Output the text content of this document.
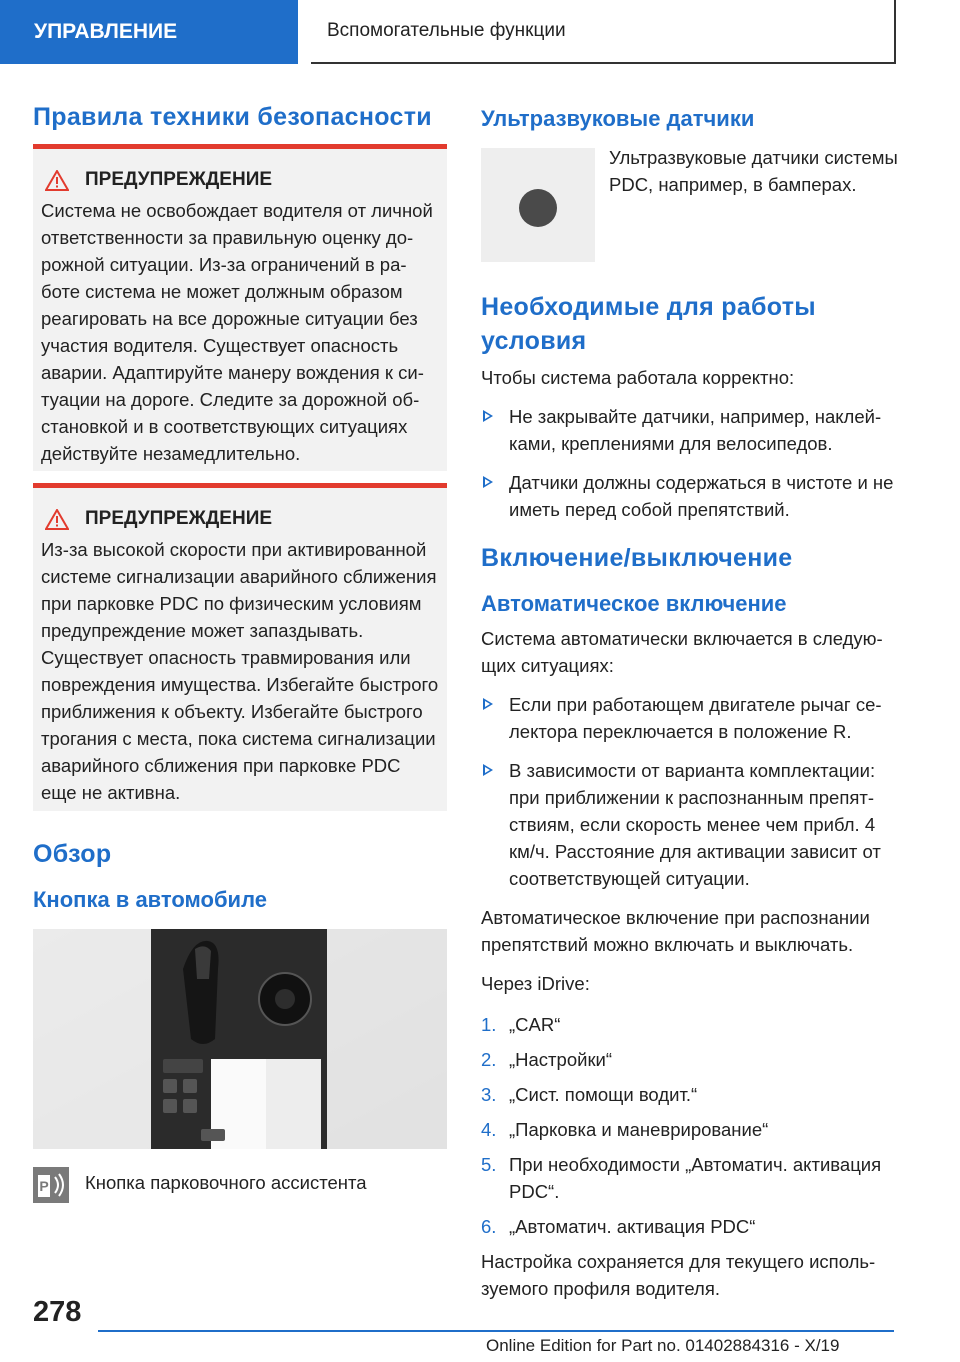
УПРАВЛЕНИЕ	Вспомогательные функции
Правила техники безопасности
ПРЕДУПРЕЖДЕНИЕ

Система не освобождает водителя от личной ответственности за правильную оценку дорожной ситуации. Из-за ограничений в работе система не может должным образом реагировать на все дорожные ситуации без участия водителя. Существует опасность аварии. Адаптируйте манеру вождения к ситуации на дороге. Следите за дорожной обстановкой и в соответствующих ситуациях действуйте незамедлительно.

ПРЕДУПРЕЖДЕНИЕ

Из-за высокой скорости при активированной системе сигнализации аварийного сближения при парковке PDC по физическим условиям предупреждение может запаздывать. Существует опасность травмирования или повреждения имущества. Избегайте быстрого приближения к объекту. Избегайте быстрого трогания с места, пока система сигнализации аварийного сближения при парковке PDC еще не активна.

Обзор
Кнопка в автомобиле
P Кнопка парковочного ассистента

Ультразвуковые датчики

Ультразвуковые датчики системы PDC, например, в бамперах.

Необходимые для работы условия

Чтобы система работала корректно:

Не закрывайте датчики, например, наклейками, креплениями для велосипедов.
Датчики должны содержаться в чистоте и не иметь перед собой препятствий.
Включение/выключение
Автоматическое включение

Система автоматически включается в следующих ситуациях:

Если при работающем двигателе рычаг селектора переключается в положение R.
В зависимости от варианта комплектации: при приближении к распознанным препятствиям, если скорость менее чем прибл. 4 км/ч. Расстояние для активации зависит от соответствующей ситуации.

Автоматическое включение при распознании препятствий можно включать и выключать.

Через iDrive:

1. „CAR“
2. „Настройки“
3. „Сист. помощи водит.“
4. „Парковка и маневрирование“
5. При необходимости „Автоматич. активация PDC“.
6. „Автоматич. активация PDC“

Настройка сохраняется для текущего используемого профиля водителя.

278
Online Edition for Part no. 01402884316 - X/19
